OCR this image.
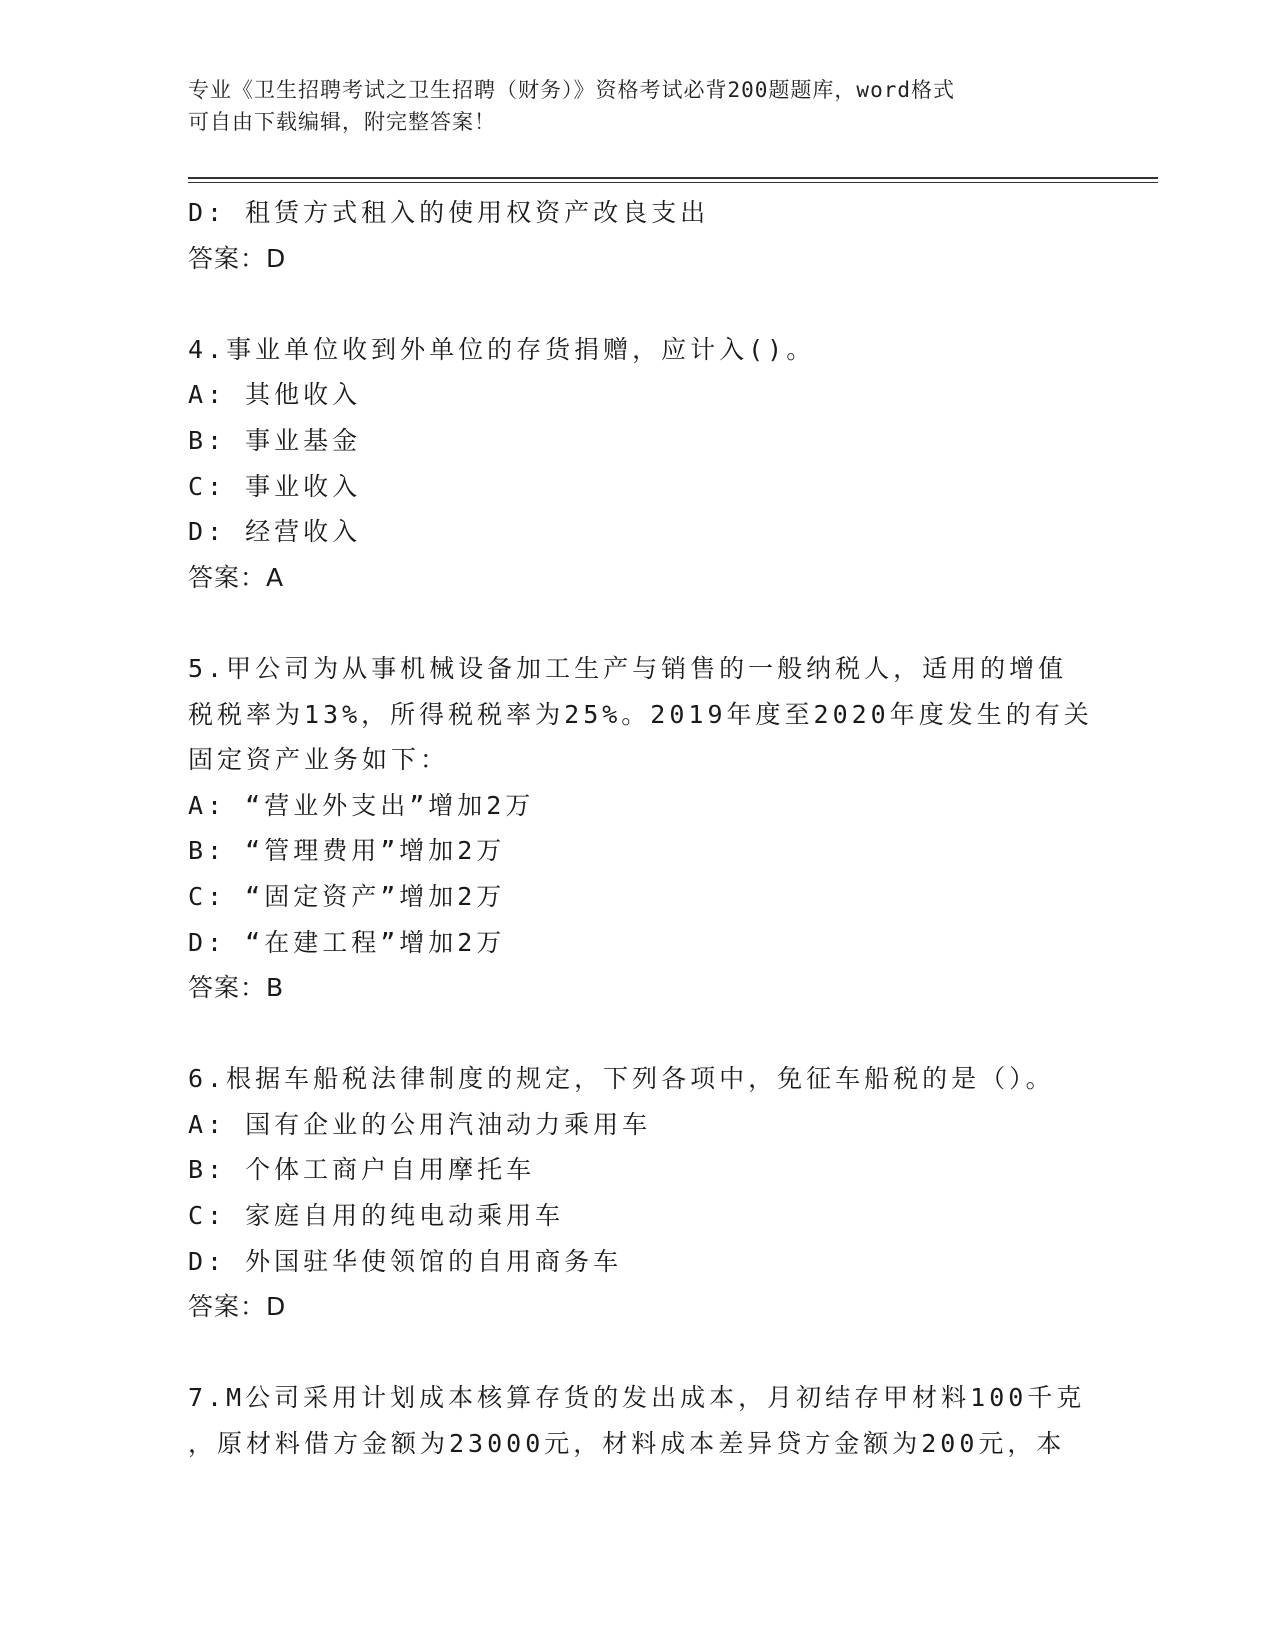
专业《卫生招聘考试之卫生招聘（财务）》资格考试必背200题题库，word格式
可自由下载编辑，附完整答案！
D: 租赁方式租入的使用权资产改良支出
答案：D
4.事业单位收到外单位的存货捐赠，应计入()。
A: 其他收入
B: 事业基金
C: 事业收入
D: 经营收入
答案：A
5.甲公司为从事机械设备加工生产与销售的一般纳税人，适用的增值
税税率为13%，所得税税率为25%。2019年度至2020年度发生的有关
固定资产业务如下：
A: “营业外支出”增加2万
B: “管理费用”增加2万
C: “固定资产”增加2万
D: “在建工程”增加2万
答案：B
6.根据车船税法律制度的规定，下列各项中，免征车船税的是（）。
A: 国有企业的公用汽油动力乘用车
B: 个体工商户自用摩托车
C: 家庭自用的纯电动乘用车
D: 外国驻华使领馆的自用商务车
答案：D
7.M公司采用计划成本核算存货的发出成本，月初结存甲材料100千克
，原材料借方金额为23000元，材料成本差异贷方金额为200元，本
